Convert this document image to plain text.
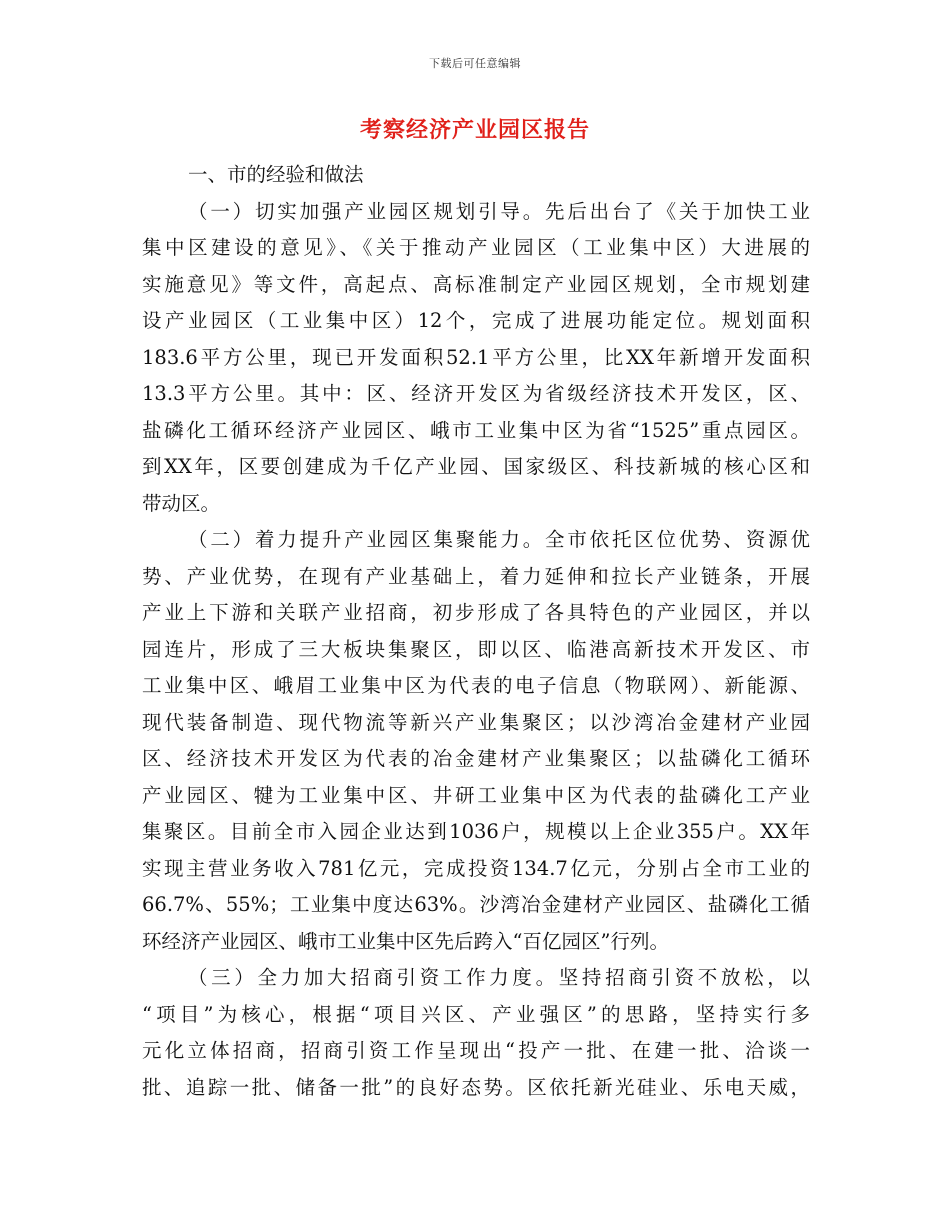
下载后可任意编辑
考察经济产业园区报告

一、市的经验和做法

（一）切实加强产业园区规划引导。先后出台了《关于加快工业
集中区建设的意见》、《关于推动产业园区（工业集中区）大进展的
实施意见》等文件，高起点、高标准制定产业园区规划，全市规划建
设产业园区（工业集中区）12个，完成了进展功能定位。规划面积
183.6平方公里，现已开发面积52.1平方公里，比XX年新增开发面积
13.3平方公里。其中：区、经济开发区为省级经济技术开发区，区、
盐磷化工循环经济产业园区、峨市工业集中区为省“1525”重点园区。
到XX年，区要创建成为千亿产业园、国家级区、科技新城的核心区和
带动区。
（二）着力提升产业园区集聚能力。全市依托区位优势、资源优
势、产业优势，在现有产业基础上，着力延伸和拉长产业链条，开展
产业上下游和关联产业招商，初步形成了各具特色的产业园区，并以
园连片，形成了三大板块集聚区，即以区、临港高新技术开发区、市
工业集中区、峨眉工业集中区为代表的电子信息（物联网）、新能源、
现代装备制造、现代物流等新兴产业集聚区；以沙湾冶金建材产业园
区、经济技术开发区为代表的冶金建材产业集聚区；以盐磷化工循环
产业园区、犍为工业集中区、井研工业集中区为代表的盐磷化工产业
集聚区。目前全市入园企业达到1036户，规模以上企业355户。XX年
实现主营业务收入781亿元，完成投资134.7亿元，分别占全市工业的
66.7%、55%；工业集中度达63%。沙湾冶金建材产业园区、盐磷化工循
环经济产业园区、峨市工业集中区先后跨入“百亿园区”行列。
（三）全力加大招商引资工作力度。坚持招商引资不放松，以
“项目”为核心，根据“项目兴区、产业强区”的思路，坚持实行多
元化立体招商，招商引资工作呈现出“投产一批、在建一批、洽谈一
批、追踪一批、储备一批”的良好态势。区依托新光硅业、乐电天威，
